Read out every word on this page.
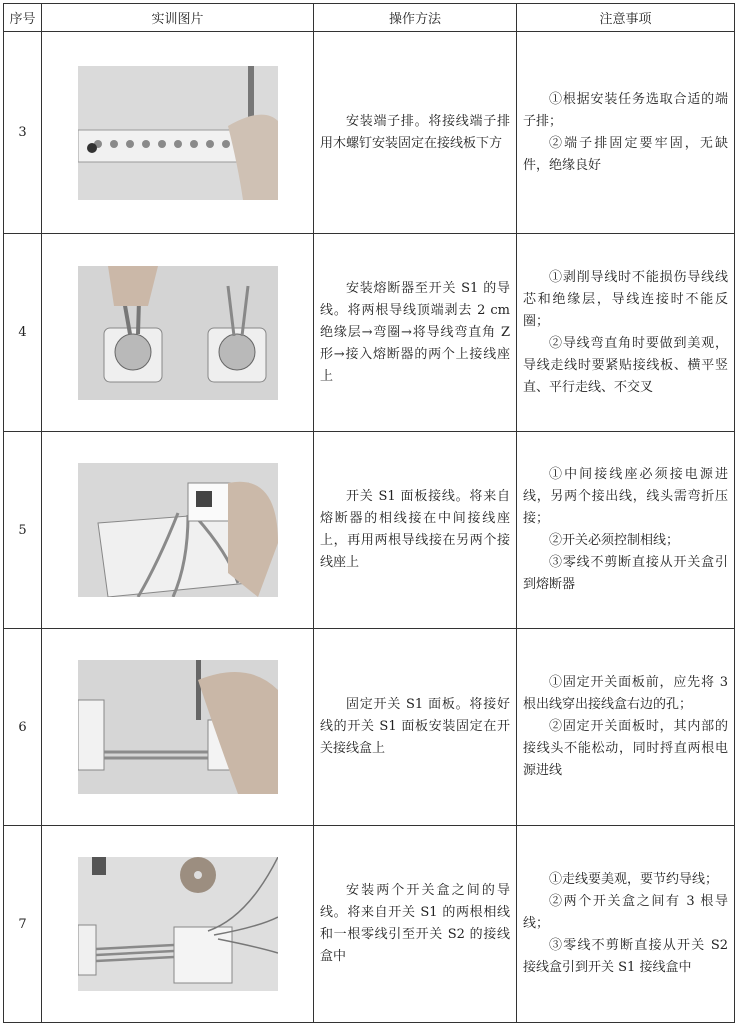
序号	实训图片	操作方法	注意事项
3		安装端子排。将接线端子排用木螺钉安装固定在接线板下方	①根据安装任务选取合适的端子排；

②端子排固定要牢固，无缺件，绝缘良好

4		安装熔断器至开关 S1 的导线。将两根导线顶端剥去 2 cm 绝缘层→弯圈→将导线弯直角 Z 形→接入熔断器的两个上接线座上	①剥削导线时不能损伤导线线芯和绝缘层，导线连接时不能反圈；

②导线弯直角时要做到美观，导线走线时要紧贴接线板、横平竖直、平行走线、不交叉

5		开关 S1 面板接线。将来自熔断器的相线接在中间接线座上，再用两根导线接在另两个接线座上	①中间接线座必须接电源进线，另两个接出线，线头需弯折压接；

②开关必须控制相线；

③零线不剪断直接从开关盒引到熔断器

6		固定开关 S1 面板。将接好线的开关 S1 面板安装固定在开关接线盒上	①固定开关面板前，应先将 3 根出线穿出接线盒右边的孔；

②固定开关面板时，其内部的接线头不能松动，同时捋直两根电源进线

7		安装两个开关盒之间的导线。将来自开关 S1 的两根相线和一根零线引至开关 S2 的接线盒中	①走线要美观，要节约导线；

②两个开关盒之间有 3 根导线；

③零线不剪断直接从开关 S2 接线盒引到开关 S1 接线盒中
